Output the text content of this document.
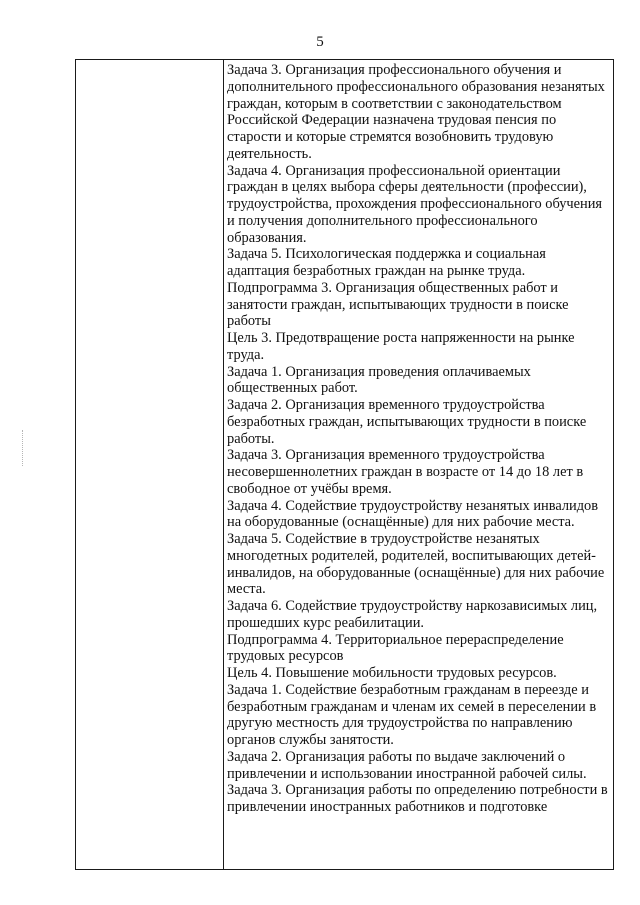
5

Задача 3. Организация профессионального обучения и дополнительного профессионального образования незанятых граждан, которым в соответствии с законодательством Российской Федерации назначена трудовая пенсия по старости и которые стремятся возобновить трудовую деятельность.

Задача 4. Организация профессиональной ориентации граждан в целях выбора сферы деятельности (профессии), трудоустройства, прохождения профессионального обучения и получения дополнительного профессионального образования.

Задача 5. Психологическая поддержка и социальная адаптация безработных граждан на рынке труда.

Подпрограмма 3. Организация общественных работ и занятости граждан, испытывающих трудности в поиске работы

Цель 3. Предотвращение роста напряженности на рынке труда.

Задача 1. Организация проведения оплачиваемых общественных работ.

Задача 2. Организация временного трудоустройства безработных граждан, испытывающих трудности в поиске работы.

Задача 3. Организация временного трудоустройства несовершеннолетних граждан в возрасте от 14 до 18 лет в свободное от учёбы время.

Задача 4. Содействие трудоустройству незанятых инвалидов на оборудованные (оснащённые) для них рабочие места.

Задача 5. Содействие в трудоустройстве незанятых многодетных родителей, родителей, воспитывающих детей-инвалидов, на оборудованные (оснащённые) для них рабочие места.

Задача 6. Содействие трудоустройству наркозависимых лиц, прошедших курс реабилитации.

Подпрограмма 4. Территориальное перераспределение трудовых ресурсов

Цель 4. Повышение мобильности трудовых ресурсов.

Задача 1. Содействие безработным гражданам в переезде и безработным гражданам и членам их семей в переселении в другую местность для трудоустройства по направлению органов службы занятости.

Задача 2. Организация работы по выдаче заключений о привлечении и использовании иностранной рабочей силы.

Задача 3. Организация работы по определению потребности в привлечении иностранных работников и подготовке
